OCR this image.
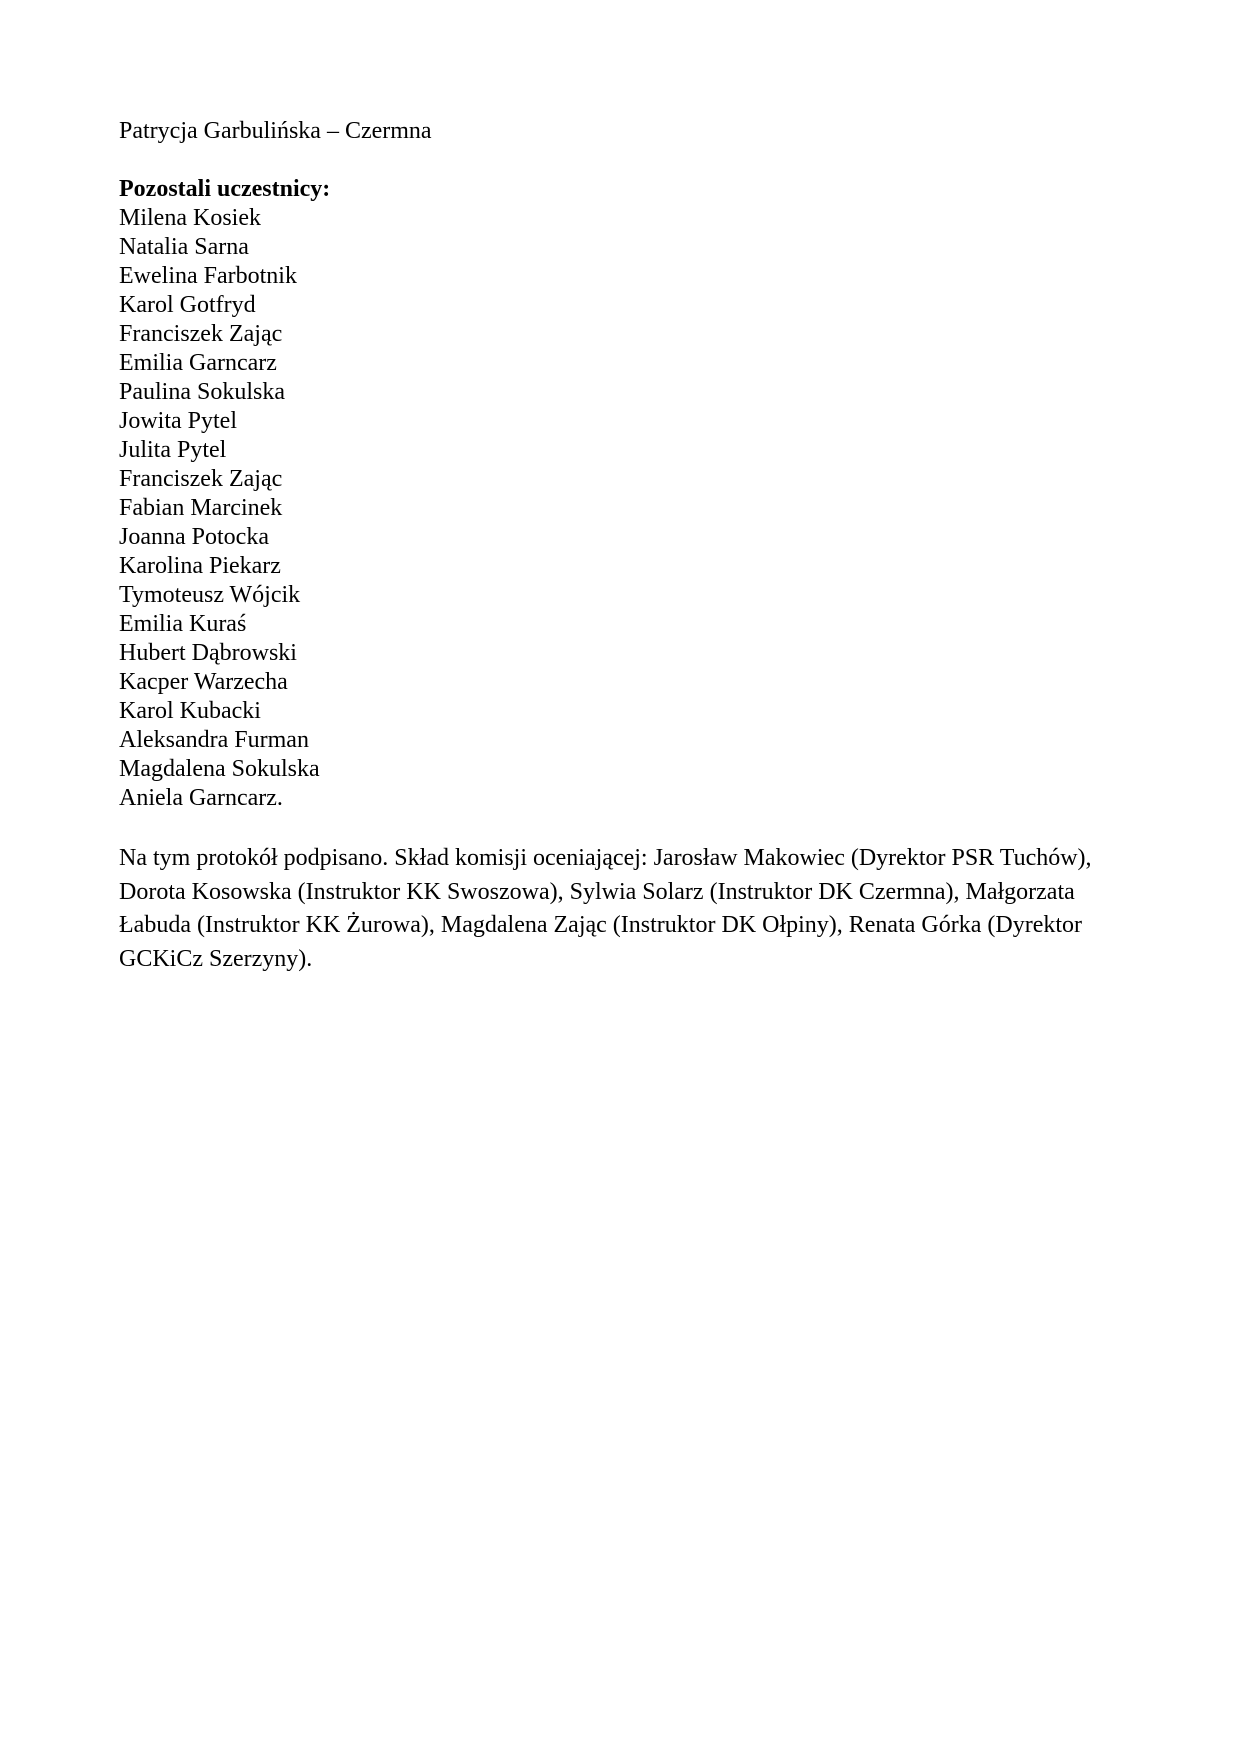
Patrycja Garbulińska – Czermna

Pozostali uczestnicy:

Milena Kosiek
Natalia Sarna
Ewelina Farbotnik
Karol Gotfryd
Franciszek Zając
Emilia Garncarz
Paulina Sokulska
Jowita Pytel
Julita Pytel
Franciszek Zając
Fabian Marcinek
Joanna Potocka
Karolina Piekarz
Tymoteusz Wójcik
Emilia Kuraś
Hubert Dąbrowski
Kacper Warzecha
Karol Kubacki
Aleksandra Furman
Magdalena Sokulska
Aniela Garncarz.

Na tym protokół podpisano. Skład komisji oceniającej: Jarosław Makowiec (Dyrektor PSR Tuchów), Dorota Kosowska (Instruktor KK Swoszowa), Sylwia Solarz (Instruktor DK Czermna), Małgorzata Łabuda (Instruktor KK Żurowa), Magdalena Zając (Instruktor DK Ołpiny), Renata Górka (Dyrektor GCKiCz Szerzyny).
